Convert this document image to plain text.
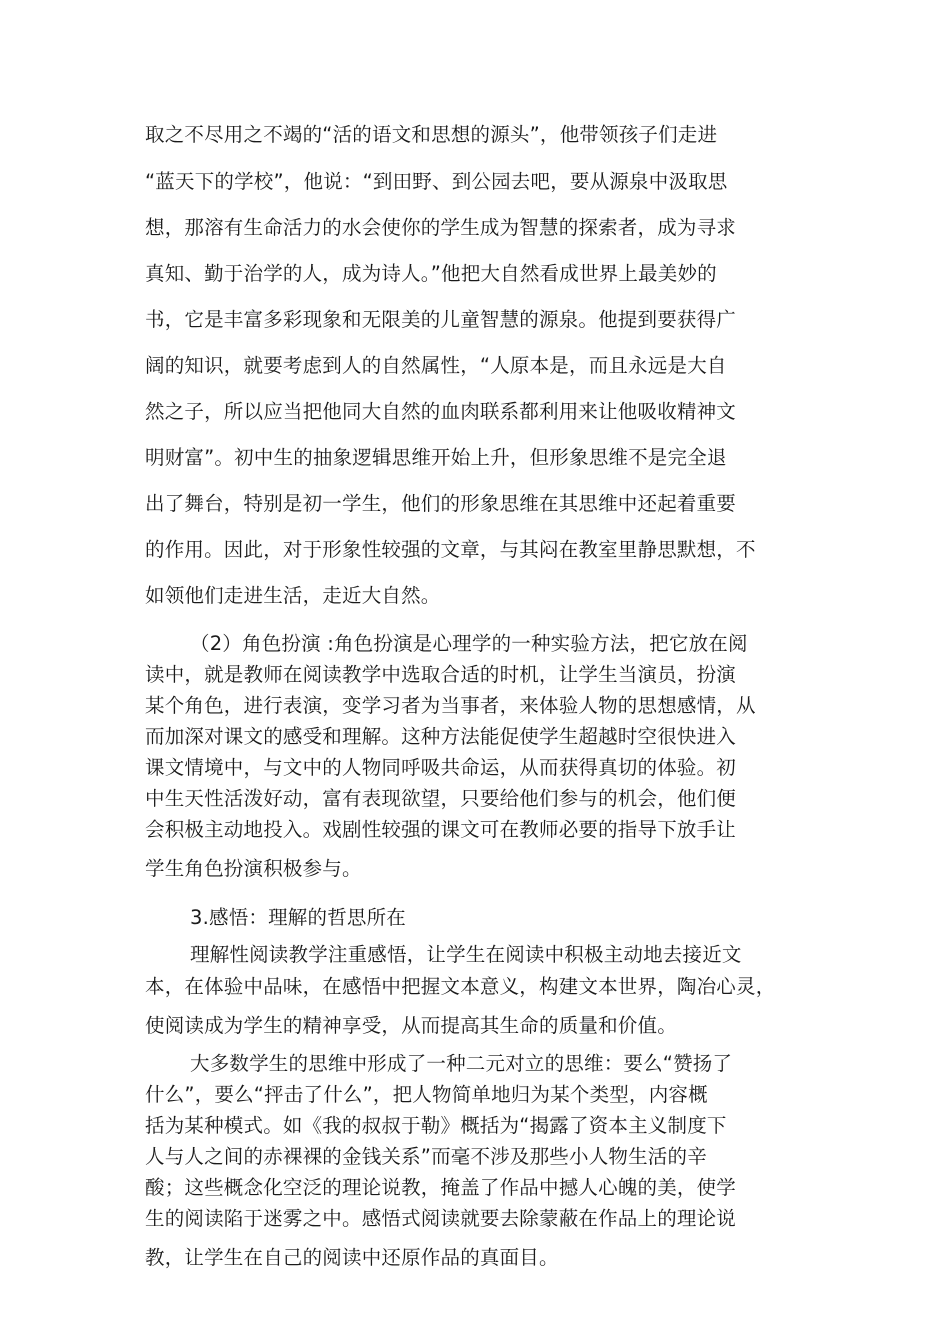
取之不尽用之不竭的“活的语文和思想的源头”，他带领孩子们走进

“蓝天下的学校”，他说：“到田野、到公园去吧，要从源泉中汲取思

想，那溶有生命活力的水会使你的学生成为智慧的探索者，成为寻求

真知、勤于治学的人，成为诗人。”他把大自然看成世界上最美妙的

书，它是丰富多彩现象和无限美的儿童智慧的源泉。他提到要获得广

阔的知识，就要考虑到人的自然属性，“人原本是，而且永远是大自

然之子，所以应当把他同大自然的血肉联系都利用来让他吸收精神文

明财富”。初中生的抽象逻辑思维开始上升，但形象思维不是完全退

出了舞台，特别是初一学生，他们的形象思维在其思维中还起着重要

的作用。因此，对于形象性较强的文章，与其闷在教室里静思默想，不

如领他们走进生活，走近大自然。

（2）角色扮演 :角色扮演是心理学的一种实验方法，把它放在阅

读中，就是教师在阅读教学中选取合适的时机，让学生当演员，扮演

某个角色，进行表演，变学习者为当事者，来体验人物的思想感情，从

而加深对课文的感受和理解。这种方法能促使学生超越时空很快进入

课文情境中，与文中的人物同呼吸共命运，从而获得真切的体验。初

中生天性活泼好动，富有表现欲望，只要给他们参与的机会，他们便

会积极主动地投入。戏剧性较强的课文可在教师必要的指导下放手让

学生角色扮演积极参与。

3.感悟：理解的哲思所在

理解性阅读教学注重感悟，让学生在阅读中积极主动地去接近文

本，在体验中品味，在感悟中把握文本意义，构建文本世界，陶冶心灵，

使阅读成为学生的精神享受，从而提高其生命的质量和价值。

大多数学生的思维中形成了一种二元对立的思维：要么“赞扬了

什么”，要么“抨击了什么”，把人物简单地归为某个类型，内容概

括为某种模式。如《我的叔叔于勒》概括为“揭露了资本主义制度下

人与人之间的赤裸裸的金钱关系”而毫不涉及那些小人物生活的辛

酸；这些概念化空泛的理论说教，掩盖了作品中撼人心魄的美，使学

生的阅读陷于迷雾之中。感悟式阅读就要去除蒙蔽在作品上的理论说

教，让学生在自己的阅读中还原作品的真面目。
